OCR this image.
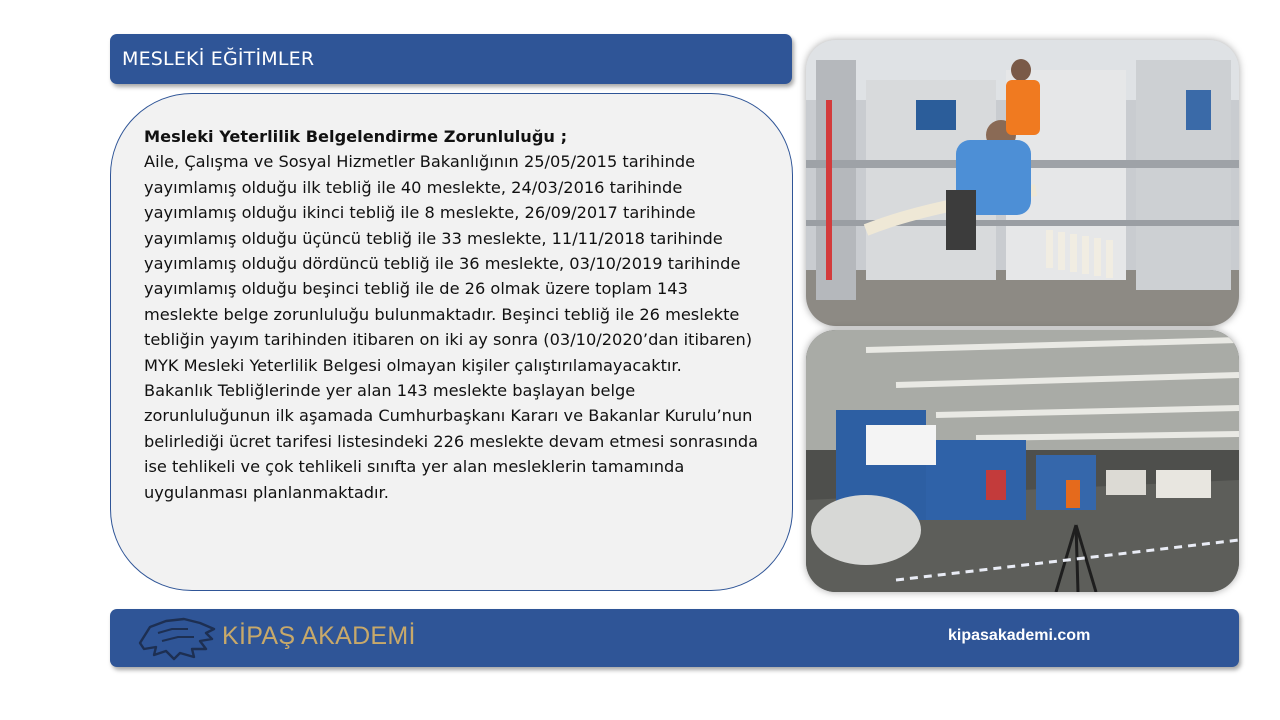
MESLEKİ EĞİTİMLER
Mesleki Yeterlilik Belgelendirme Zorunluluğu ;
Aile, Çalışma ve Sosyal Hizmetler Bakanlığının 25/05/2015 tarihinde yayımlamış olduğu ilk tebliğ ile 40 meslekte, 24/03/2016 tarihinde yayımlamış olduğu ikinci tebliğ ile 8 meslekte, 26/09/2017 tarihinde yayımlamış olduğu üçüncü tebliğ ile 33 meslekte, 11/11/2018 tarihinde yayımlamış olduğu dördüncü tebliğ ile 36 meslekte, 03/10/2019 tarihinde yayımlamış olduğu beşinci tebliğ ile de 26 olmak üzere toplam 143 meslekte belge zorunluluğu bulunmaktadır. Beşinci tebliğ ile 26 meslekte tebliğin yayım tarihinden itibaren on iki ay sonra (03/10/2020’dan itibaren) MYK Mesleki Yeterlilik Belgesi olmayan kişiler çalıştırılamayacaktır.
Bakanlık Tebliğlerinde yer alan 143 meslekte başlayan belge zorunluluğunun ilk aşamada Cumhurbaşkanı Kararı ve Bakanlar Kurulu’nun belirlediği ücret tarifesi listesindeki 226 meslekte devam etmesi sonrasında ise tehlikeli ve çok tehlikeli sınıfta yer alan mesleklerin tamamında uygulanması planlanmaktadır.
KİPAŞ AKADEMİ	kipasakademi.com
